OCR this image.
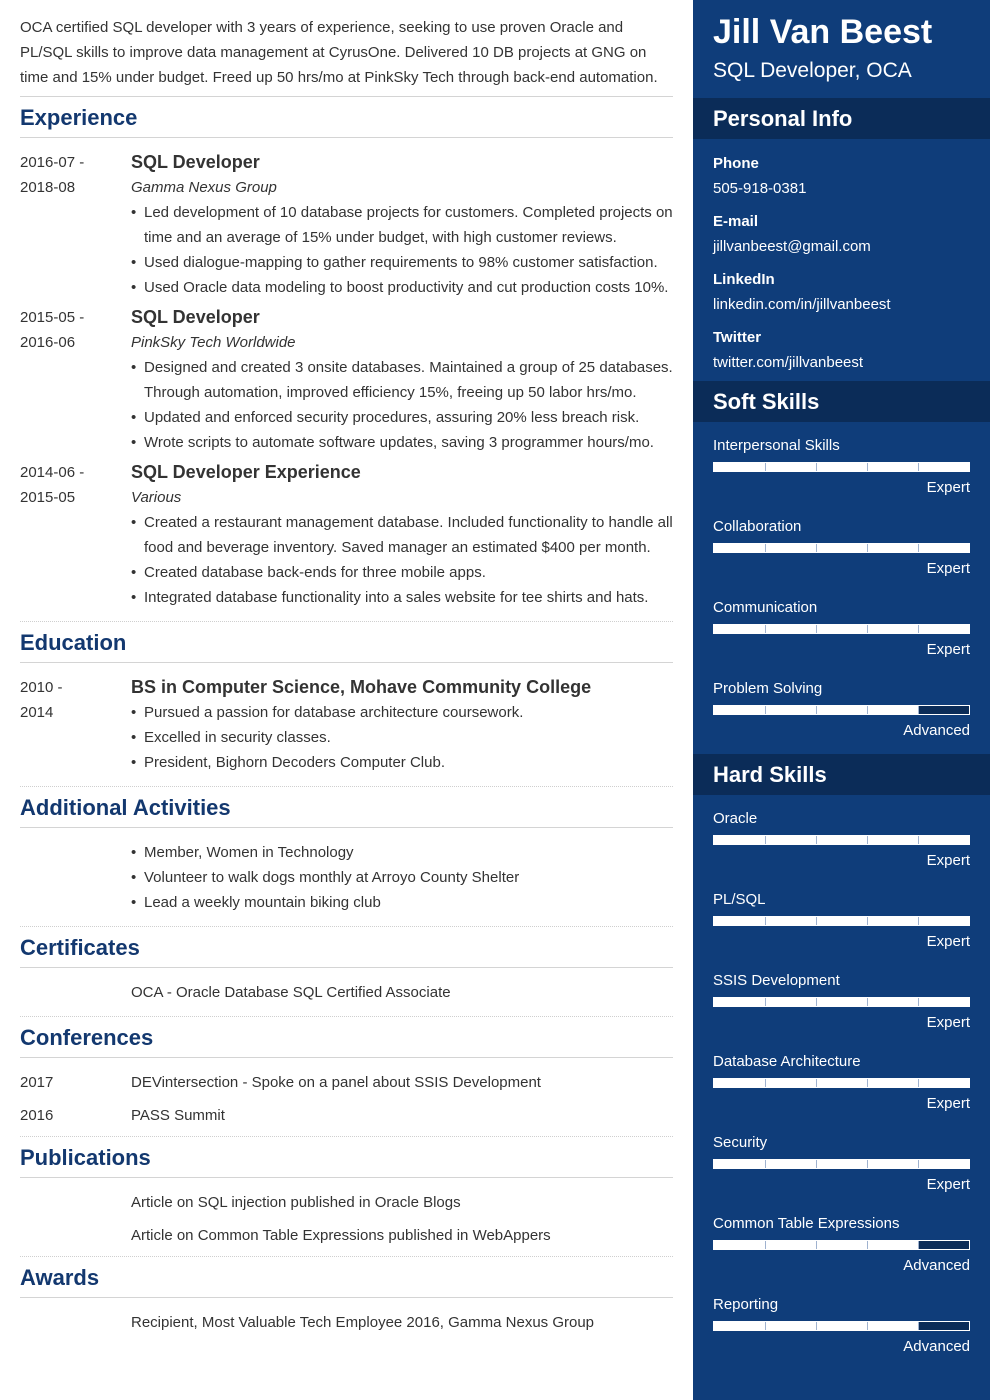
OCA certified SQL developer with 3 years of experience, seeking to use proven Oracle and PL/SQL skills to improve data management at CyrusOne. Delivered 10 DB projects at GNG on time and 15% under budget. Freed up 50 hrs/mo at PinkSky Tech through back-end automation.
Experience
2016-07 -
2018-08
SQL Developer
Gamma Nexus Group
• Led development of 10 database projects for customers. Completed projects on time and an average of 15% under budget, with high customer reviews.
• Used dialogue-mapping to gather requirements to 98% customer satisfaction.
• Used Oracle data modeling to boost productivity and cut production costs 10%.
2015-05 -
2016-06
SQL Developer
PinkSky Tech Worldwide
• Designed and created 3 onsite databases. Maintained a group of 25 databases. Through automation, improved efficiency 15%, freeing up 50 labor hrs/mo.
• Updated and enforced security procedures, assuring 20% less breach risk.
• Wrote scripts to automate software updates, saving 3 programmer hours/mo.
2014-06 -
2015-05
SQL Developer Experience
Various
• Created a restaurant management database. Included functionality to handle all food and beverage inventory. Saved manager an estimated $400 per month.
• Created database back-ends for three mobile apps.
• Integrated database functionality into a sales website for tee shirts and hats.
Education
2010 -
2014
BS in Computer Science, Mohave Community College
• Pursued a passion for database architecture coursework.
• Excelled in security classes.
• President, Bighorn Decoders Computer Club.
Additional Activities
• Member, Women in Technology
• Volunteer to walk dogs monthly at Arroyo County Shelter
• Lead a weekly mountain biking club
Certificates
OCA - Oracle Database SQL Certified Associate
Conferences
2017	DEVintersection - Spoke on a panel about SSIS Development
2016	PASS Summit
Publications
Article on SQL injection published in Oracle Blogs
Article on Common Table Expressions published in WebAppers
Awards
Recipient, Most Valuable Tech Employee 2016, Gamma Nexus Group
Jill Van Beest
SQL Developer, OCA
Personal Info
Phone
505-918-0381
E-mail
jillvanbeest@gmail.com
LinkedIn
linkedin.com/in/jillvanbeest
Twitter
twitter.com/jillvanbeest
Soft Skills
Interpersonal Skills
Expert
Collaboration
Expert
Communication
Expert
Problem Solving
Advanced
Hard Skills
Oracle
Expert
PL/SQL
Expert
SSIS Development
Expert
Database Architecture
Expert
Security
Expert
Common Table Expressions
Advanced
Reporting
Advanced
